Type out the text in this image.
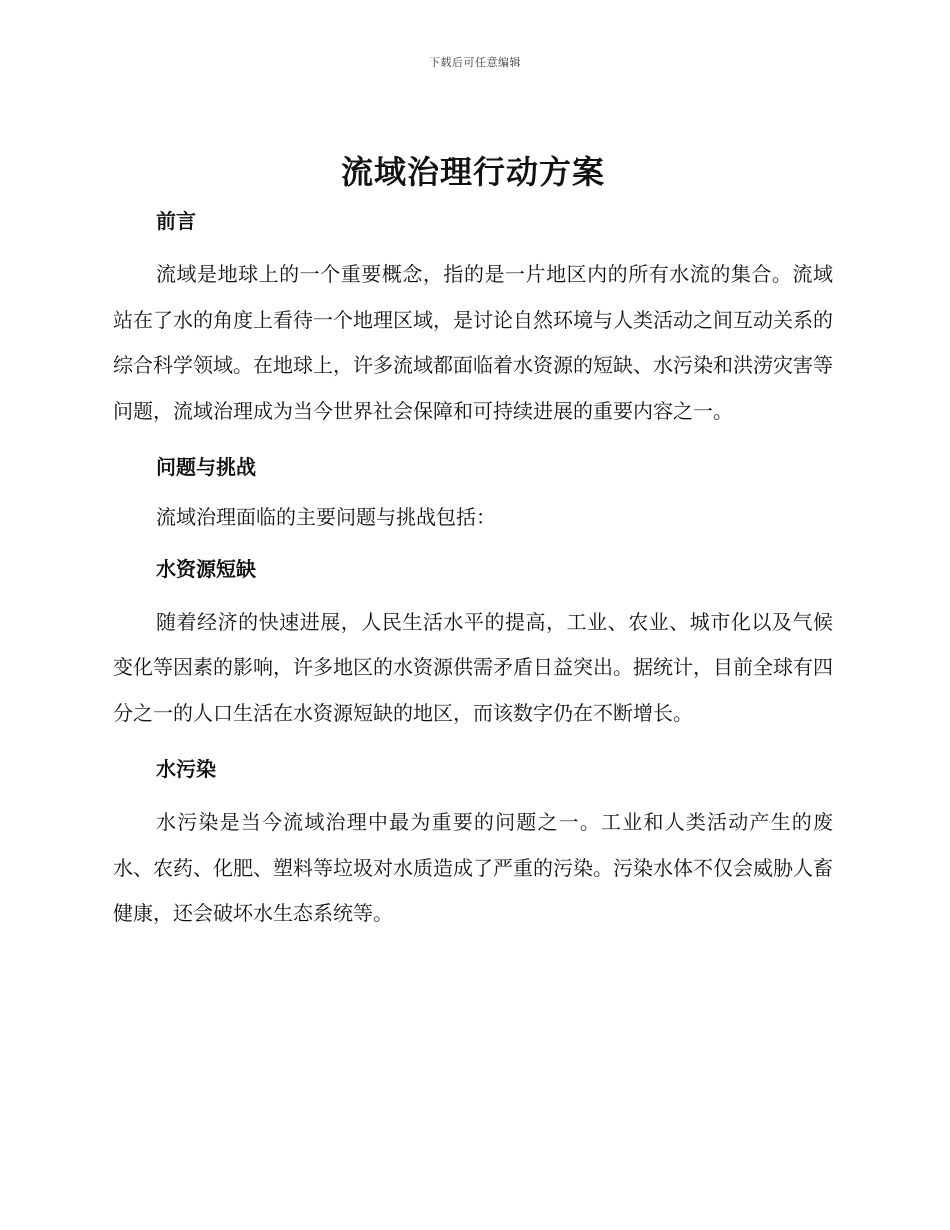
下载后可任意编辑
流域治理行动方案
前言

流域是地球上的一个重要概念，指的是一片地区内的所有水流的集合。流域站在了水的角度上看待一个地理区域，是讨论自然环境与人类活动之间互动关系的综合科学领域。在地球上，许多流域都面临着水资源的短缺、水污染和洪涝灾害等问题，流域治理成为当今世界社会保障和可持续进展的重要内容之一。

问题与挑战

流域治理面临的主要问题与挑战包括：

水资源短缺

随着经济的快速进展，人民生活水平的提高，工业、农业、城市化以及气候变化等因素的影响，许多地区的水资源供需矛盾日益突出。据统计，目前全球有四分之一的人口生活在水资源短缺的地区，而该数字仍在不断增长。

水污染

水污染是当今流域治理中最为重要的问题之一。工业和人类活动产生的废水、农药、化肥、塑料等垃圾对水质造成了严重的污染。污染水体不仅会威胁人畜健康，还会破坏水生态系统等。
